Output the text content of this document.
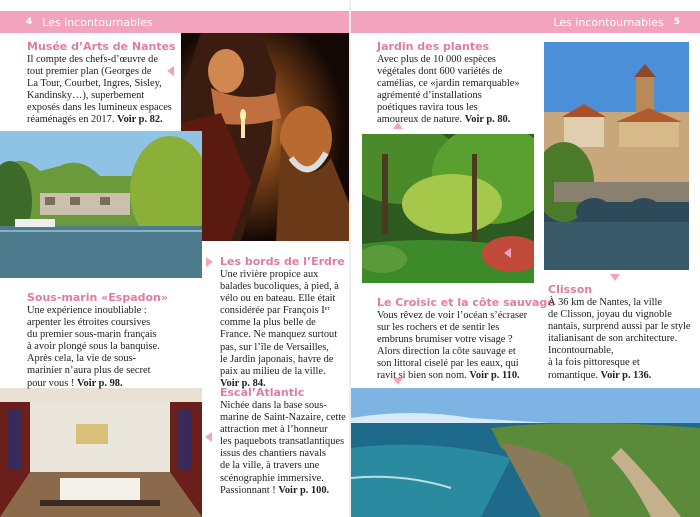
4 Les incontournables	Les incontournables 5
Musée d’Arts de Nantes
Il compte des chefs-d’œuvre de
tout premier plan (Georges de
La Tour, Courbet, Ingres, Sisley,
Kandinsky…), superbement
exposés dans les lumineux espaces
réaménagés en 2017. Voir p. 82.
Les bords de l’Erdre
Une rivière propice aux
balades bucoliques, à pied, à
vélo ou en bateau. Elle était
considérée par François Iᵉʳ
comme la plus belle de
France. Ne manquez surtout
pas, sur l’île de Versailles,
le Jardin japonais, havre de
paix au milieu de la ville.
Voir p. 84.
Sous-marin «Espadon»
Une expérience inoubliable :
arpenter les étroites coursives
du premier sous-marin français
à avoir plongé sous la banquise.
Après cela, la vie de sous-
marinier n’aura plus de secret
pour vous ! Voir p. 98.
Escal’Atlantic
Nichée dans la base sous-
marine de Saint-Nazaire, cette
attraction met à l’honneur
les paquebots transatlantiques
issus des chantiers navals
de la ville, à travers une
scénographie immersive.
Passionnant ! Voir p. 100.
Jardin des plantes
Avec plus de 10 000 espèces
végétales dont 600 variétés de
camélias, ce «jardin remarquable»
agrémenté d’installations
poétiques ravira tous les
amoureux de nature. Voir p. 80.
Le Croisic et la côte sauvage
Vous rêvez de voir l’océan s’écraser
sur les rochers et de sentir les
embruns brumiser votre visage ?
Alors direction la côte sauvage et
son littoral ciselé par les eaux, qui
ravit si bien son nom. Voir p. 110.
Clisson
À 36 km de Nantes, la ville
de Clisson, joyau du vignoble
nantais, surprend aussi par le style
italianisant de son architecture.
Incontournable,
à la fois pittoresque et
romantique. Voir p. 136.
